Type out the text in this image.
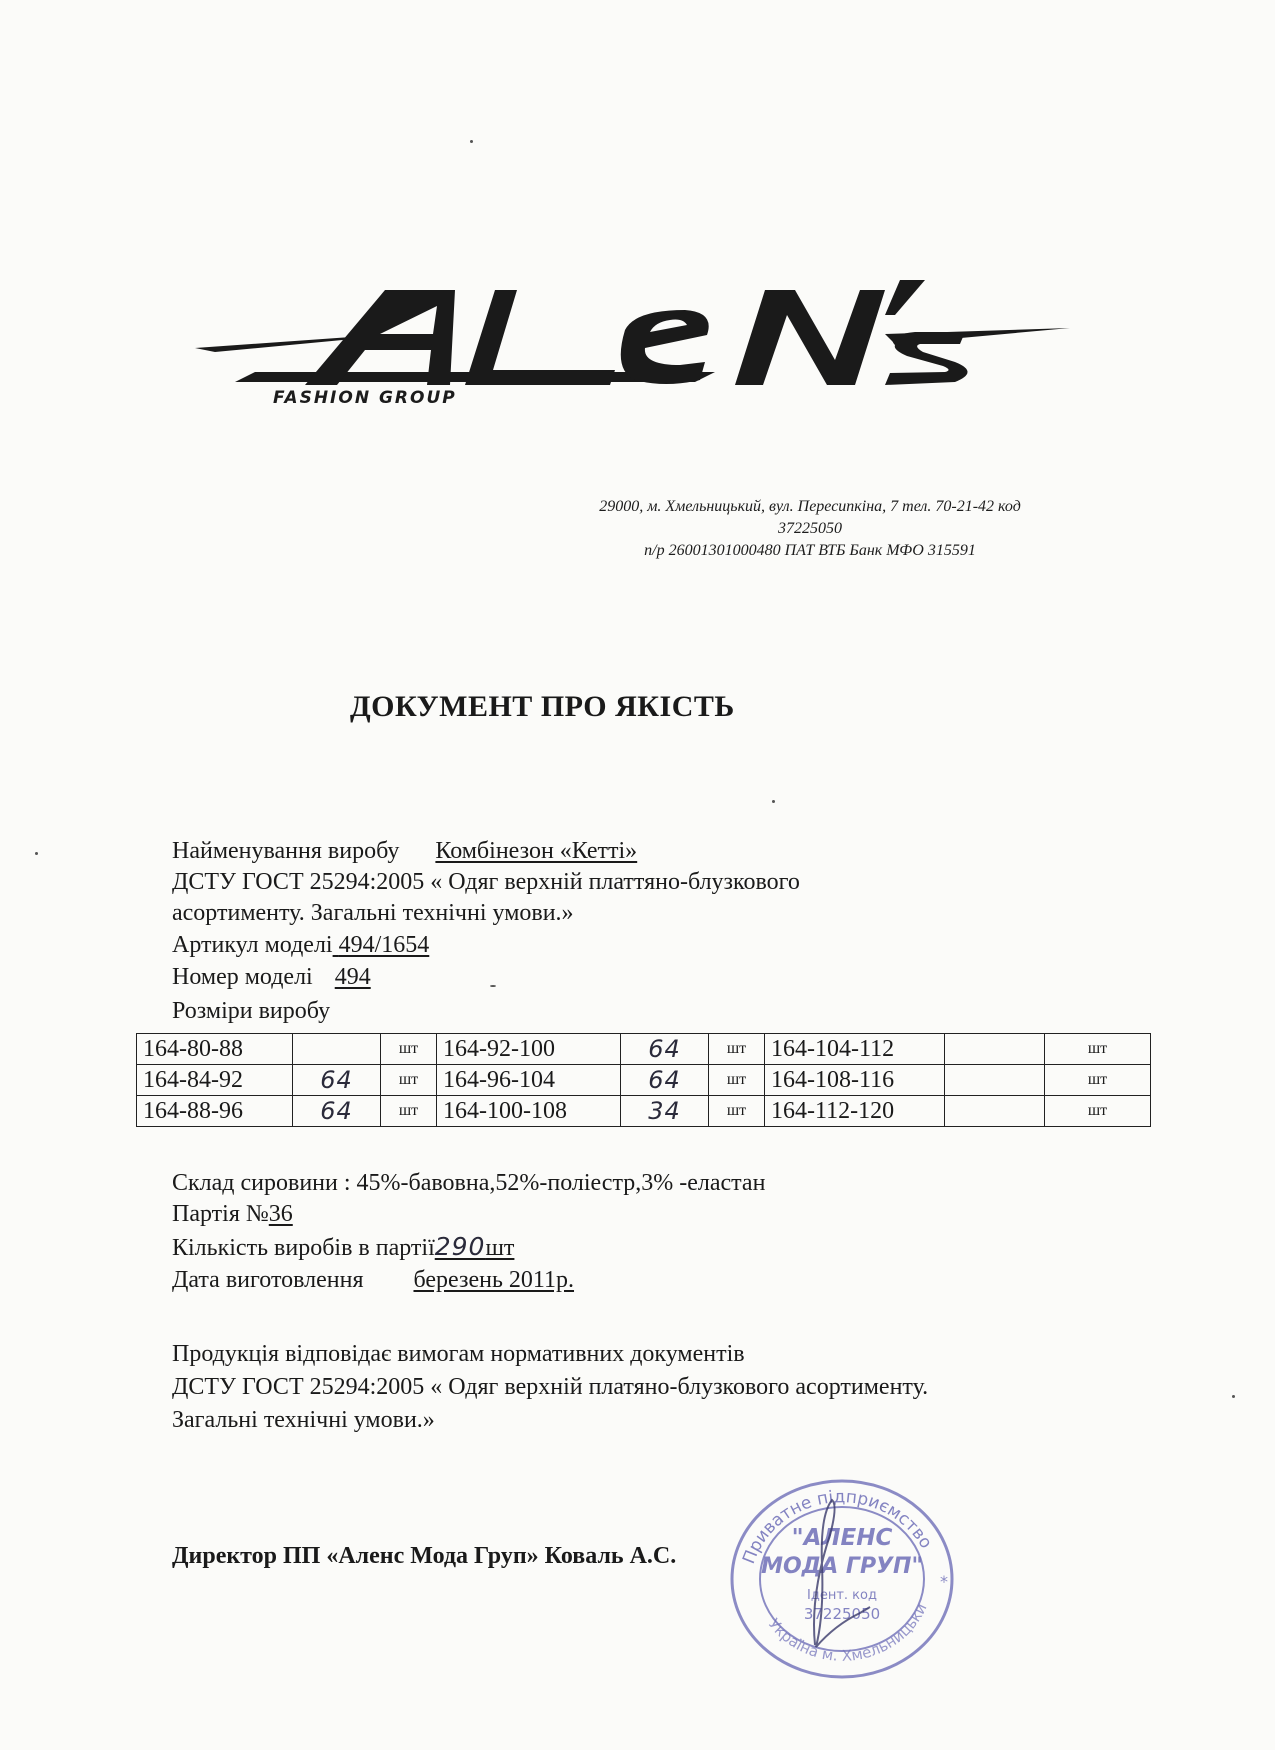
FASHION GROUP
29000, м. Хмельницький, вул. Пересипкіна, 7 тел. 70-21-42 код
37225050
п/р 26001301000480 ПАТ ВТБ Банк МФО 315591
ДОКУМЕНТ ПРО ЯКІСТЬ
Найменування виробу Комбінезон «Кетті»
ДСТУ ГОСТ 25294:2005 « Одяг верхній платтяно-блузкового
асортименту. Загальні технічні умови.»
Артикул моделі 494/1654
Номер моделі 494
Розміри виробу
164-80-88		шт	164-92-100	64	шт	164-104-112		шт
164-84-92	64	шт	164-96-104	64	шт	164-108-116		шт
164-88-96	64	шт	164-100-108	34	шт	164-112-120		шт
Склад сировини : 45%-бавовна,52%-поліестр,3% -еластан
Партія №36
Кількість виробів в партії290шт
Дата виготовлення березень 2011р.
Продукція відповідає вимогам нормативних документів
ДСТУ ГОСТ 25294:2005 « Одяг верхній платяно-блузкового асортименту.
Загальні технічні умови.»
Директор ПП «Аленс Мода Груп» Коваль А.С.	Приватне підприємство
Україна м. Хмельницьки
"АЛЕНС
МОДА ГРУП"
Ідент. код
37225050
*
